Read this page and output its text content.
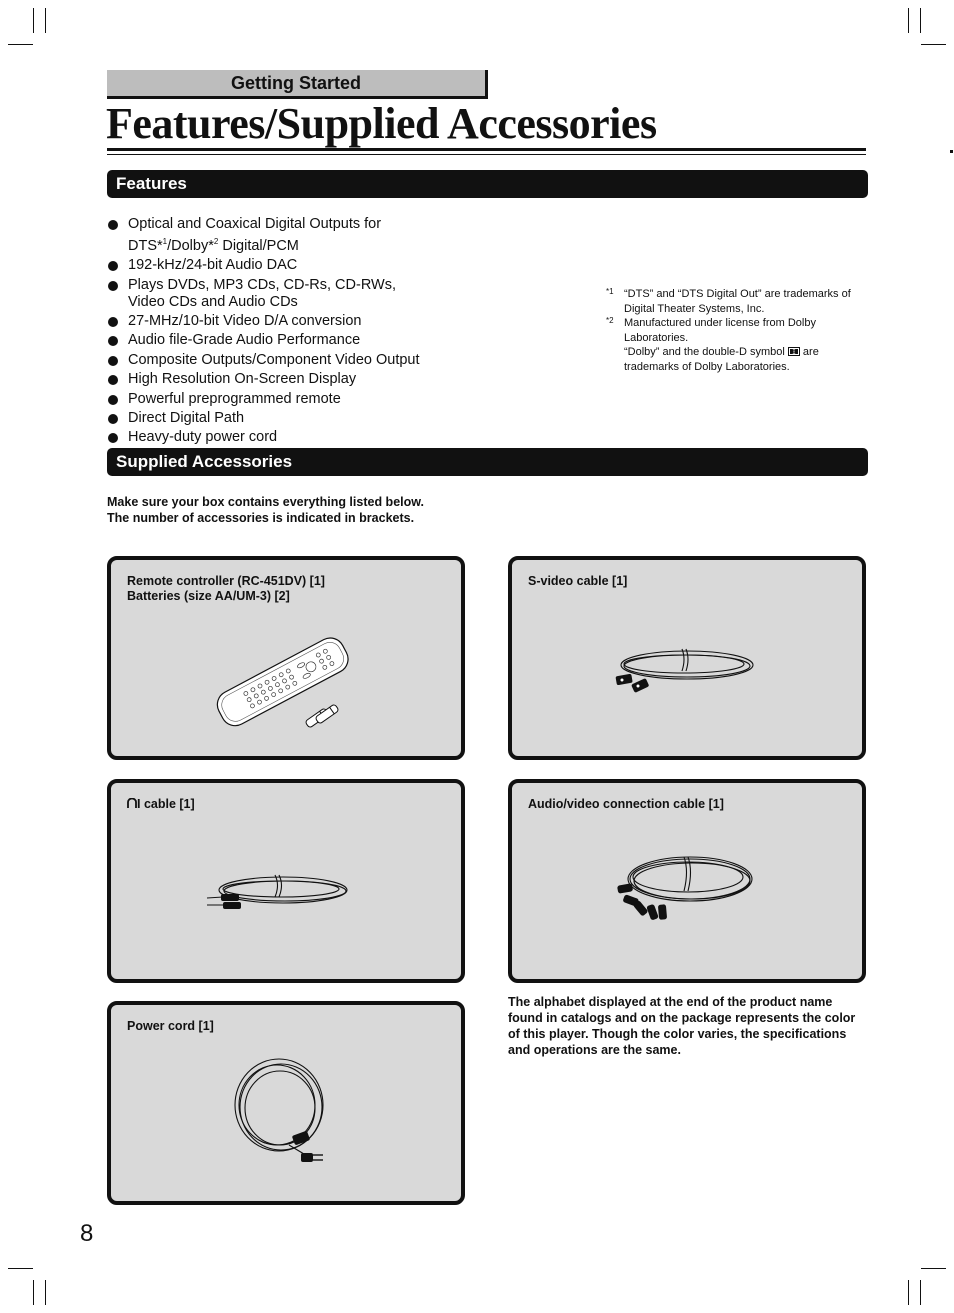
Getting Started
Features/Supplied Accessories
Features
Optical and Coaxical Digital Outputs for
DTS*$^1$/Dolby*$^2$ Digital/PCM
192-kHz/24-bit Audio DAC
Plays DVDs, MP3 CDs, CD-Rs, CD-RWs,
Video CDs and Audio CDs
27-MHz/10-bit Video D/A conversion
Audio file-Grade Audio Performance
Composite Outputs/Component Video Output
High Resolution On-Screen Display
Powerful preprogrammed remote
Direct Digital Path
Heavy-duty power cord
*1 “DTS” and “DTS Digital Out” are trademarks of Digital Theater Systems, Inc.
*2 Manufactured under license from Dolby Laboratories.
“Dolby” and the double-D symbol  are trademarks of Dolby Laboratories.
Supplied Accessories
Make sure your box contains everything listed below.
The number of accessories is indicated in brackets.
Remote controller (RC-451DV) [1]
Batteries (size AA/UM-3) [2]
S-video cable [1]
I cable [1]	Audio/video connection cable [1]
Power cord [1]
The alphabet displayed at the end of the product name found in catalogs and on the package represents the color of this player. Though the color varies, the specifications and operations are the same.
8
